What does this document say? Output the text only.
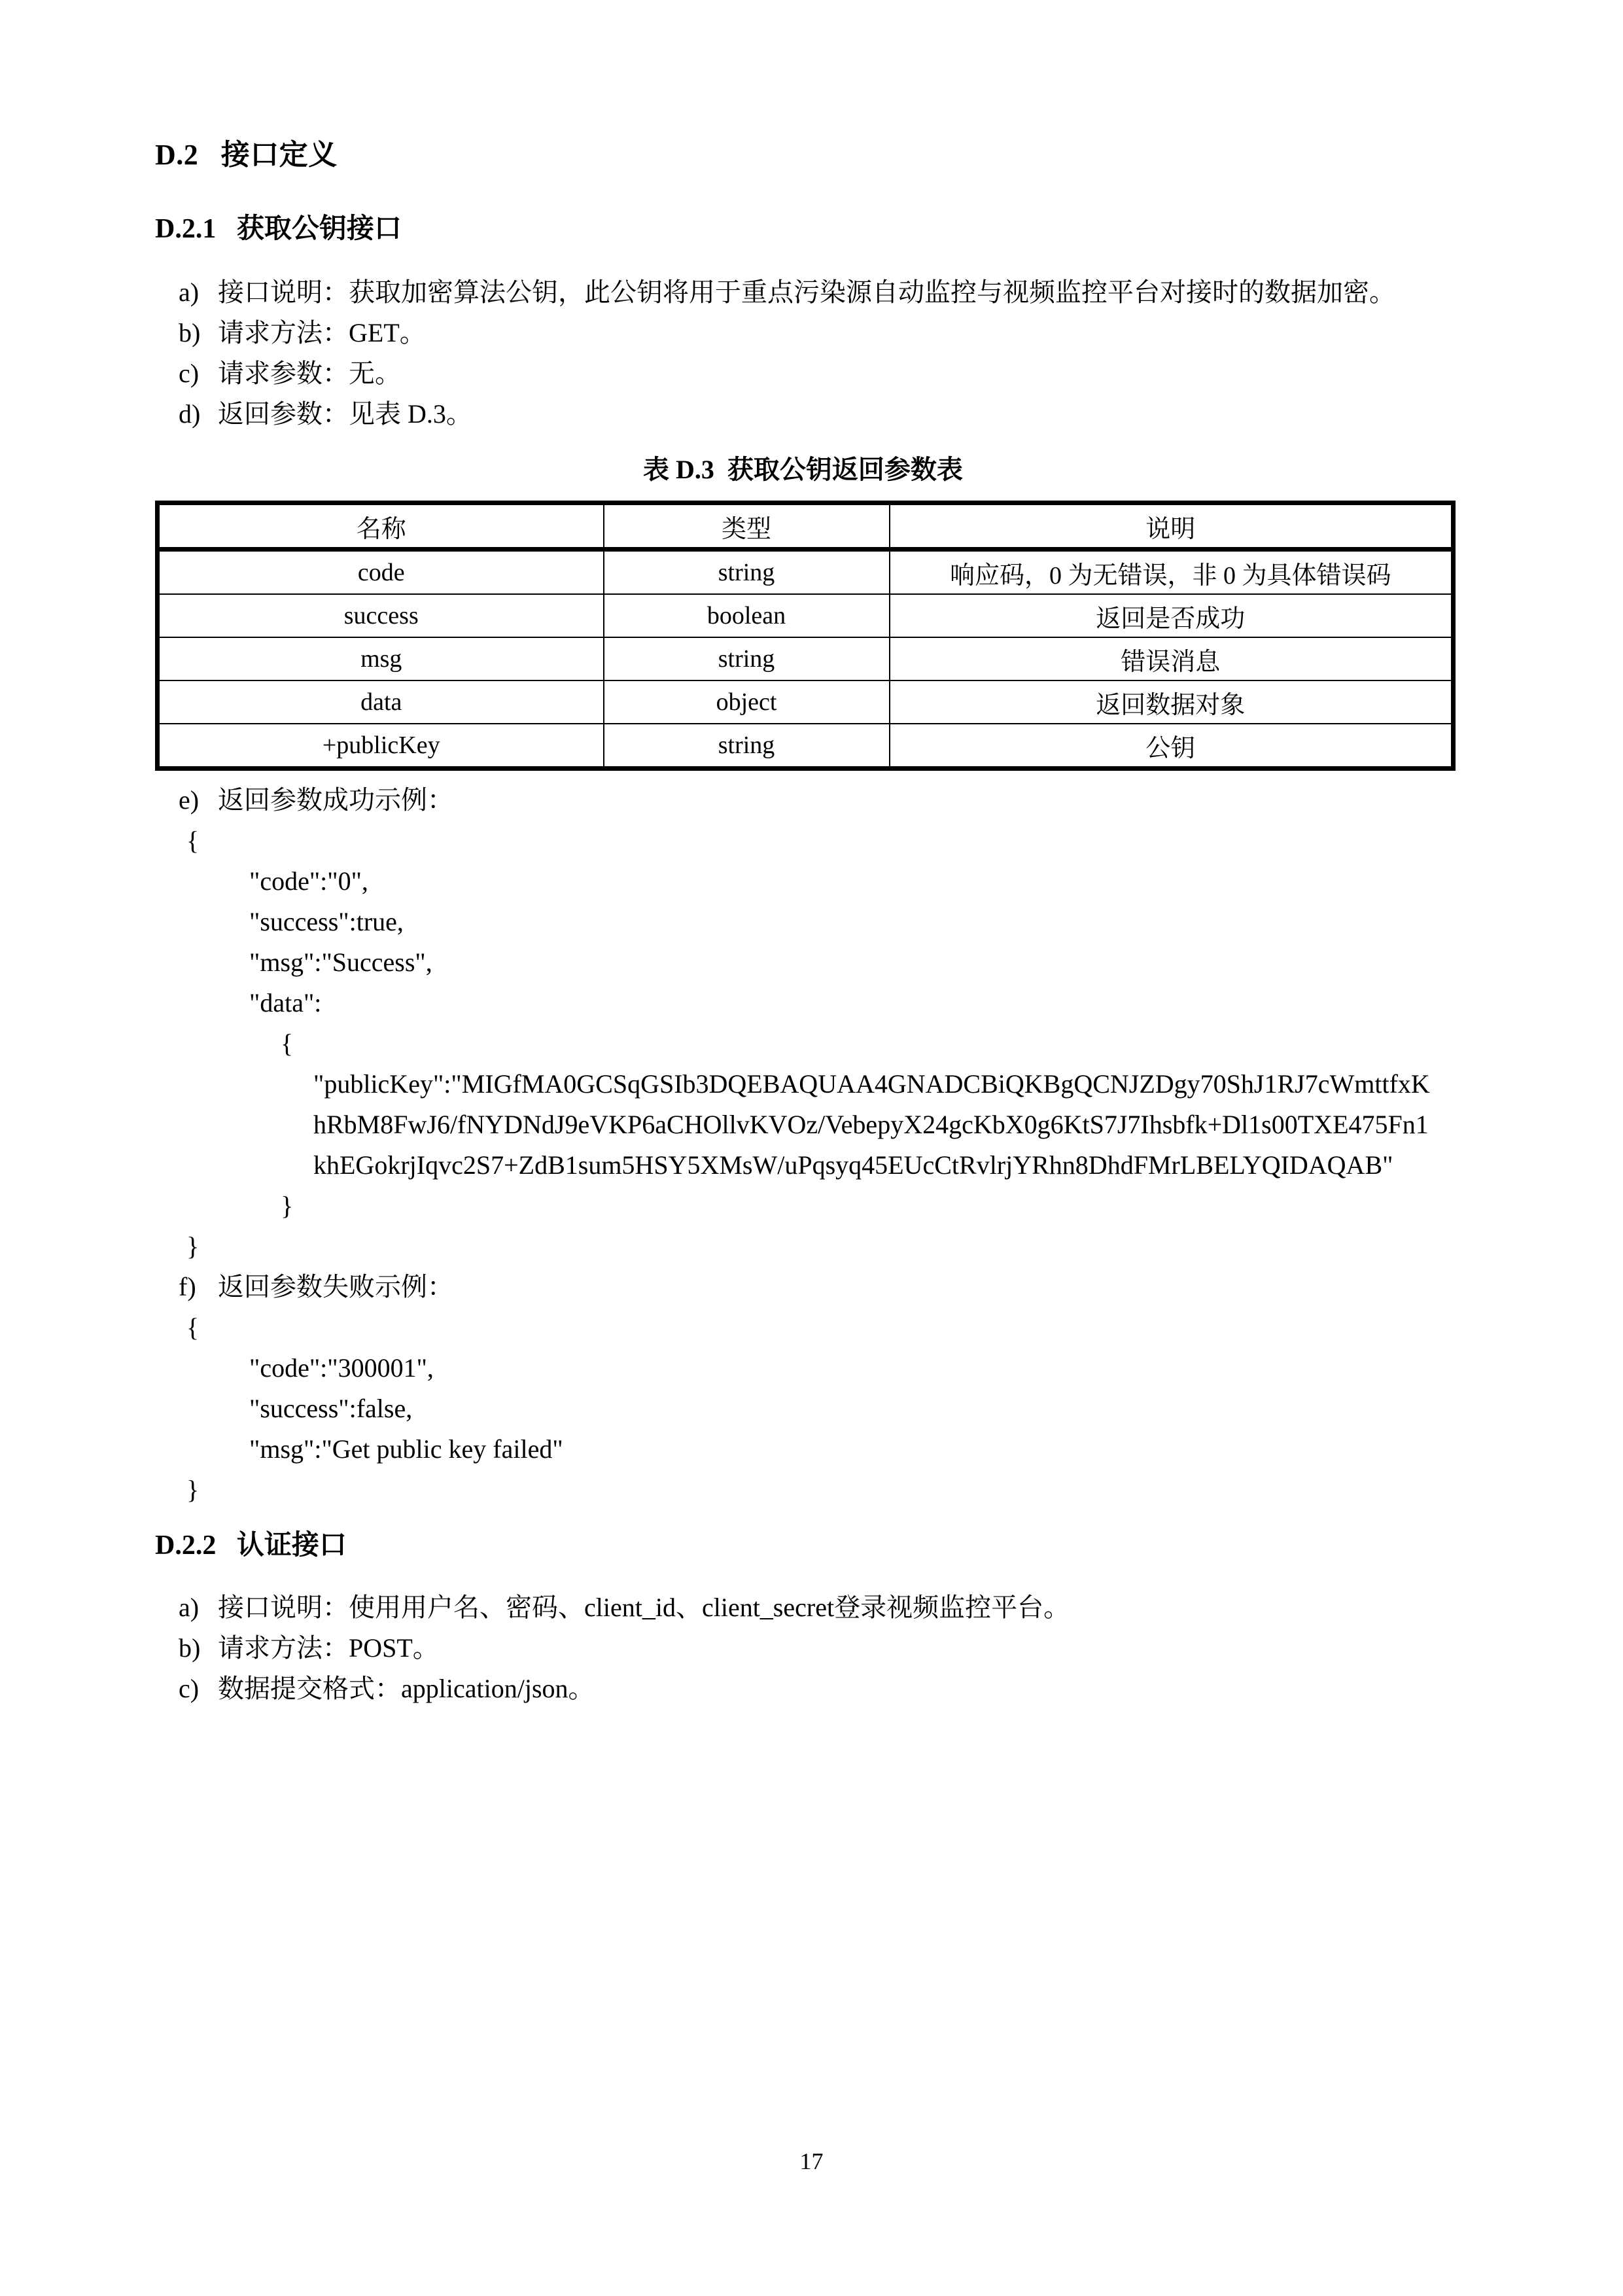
D.2 接口定义
D.2.1 获取公钥接口
a) 接口说明：获取加密算法公钥，此公钥将用于重点污染源自动监控与视频监控平台对接时的数据加密。
b) 请求方法：GET。
c) 请求参数：无。
d) 返回参数：见表 D.3。
表 D.3  获取公钥返回参数表
名称	类型	说明
code	string	响应码，0 为无错误，非 0 为具体错误码
success	boolean	返回是否成功
msg	string	错误消息
data	object	返回数据对象
+publicKey	string	公钥
e) 返回参数成功示例：
{
"code":"0",
"success":true,
"msg":"Success",
"data":
{
"publicKey":"MIGfMA0GCSqGSIb3DQEBAQUAA4GNADCBiQKBgQCNJZDgy70ShJ1RJ7cWmttfxKhRbM8FwJ6/fNYDNdJ9eVKP6aCHOllvKVOz/VebepyX24gcKbX0g6KtS7J7Ihsbfk+Dl1s00TXE475Fn1khEGokrjIqvc2S7+ZdB1sum5HSY5XMsW/uPqsyq45EUcCtRvlrjYRhn8DhdFMrLBELYQIDAQAB"
}
}
f) 返回参数失败示例：
{
"code":"300001",
"success":false,
"msg":"Get public key failed"
}
D.2.2 认证接口
a) 接口说明：使用用户名、密码、client_id、client_secret登录视频监控平台。
b) 请求方法：POST。
c) 数据提交格式：application/json。
17
